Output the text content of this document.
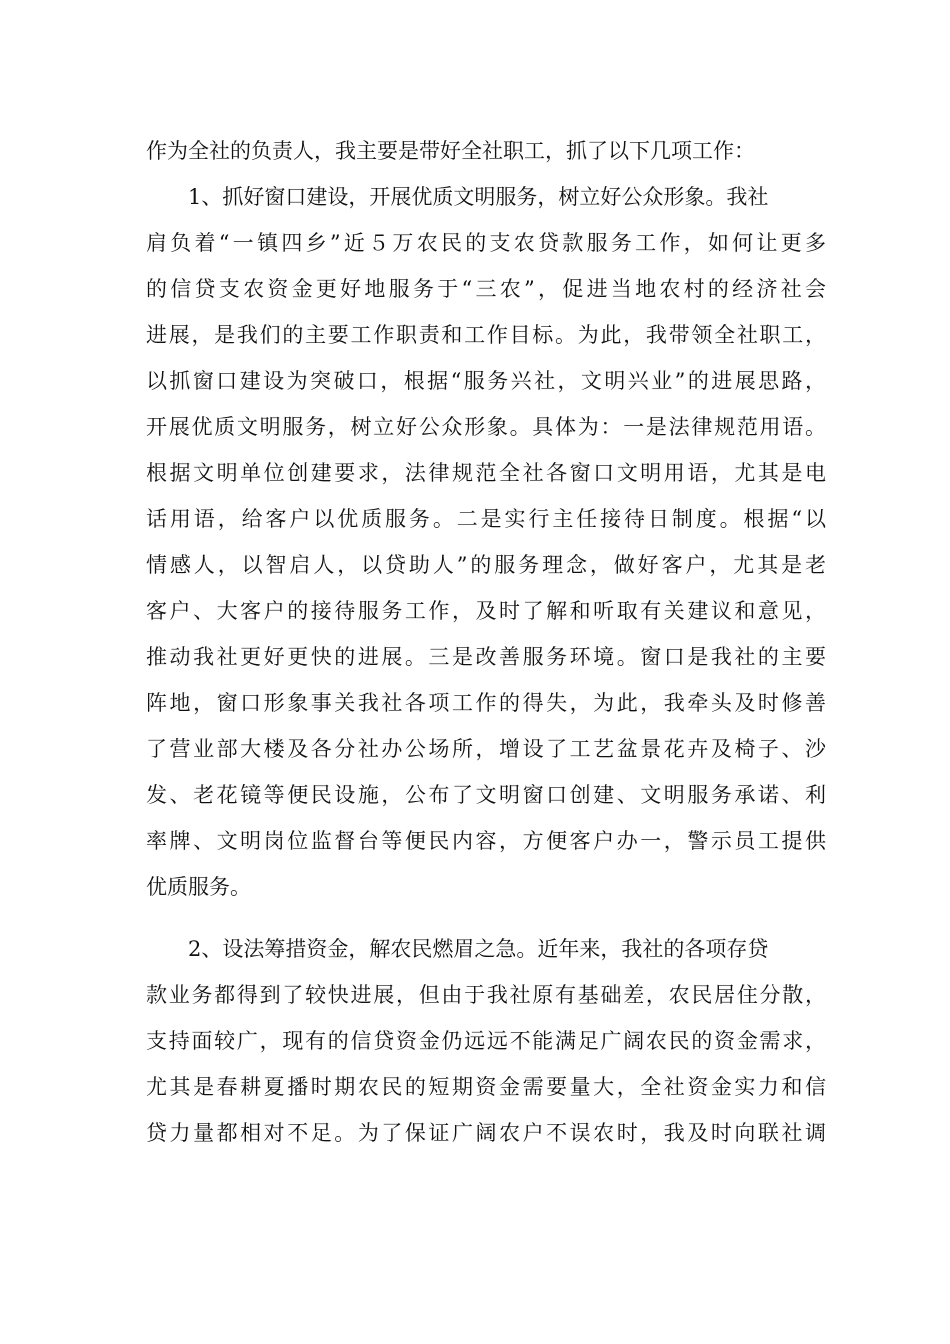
作为全社的负责人，我主要是带好全社职工，抓了以下几项工作：
1、抓好窗口建设，开展优质文明服务，树立好公众形象。我社
肩负着“一镇四乡”近５万农民的支农贷款服务工作，如何让更多
的信贷支农资金更好地服务于“三农”，促进当地农村的经济社会
进展，是我们的主要工作职责和工作目标。为此，我带领全社职工，
以抓窗口建设为突破口，根据“服务兴社，文明兴业”的进展思路，
开展优质文明服务，树立好公众形象。具体为：一是法律规范用语。
根据文明单位创建要求，法律规范全社各窗口文明用语，尤其是电
话用语，给客户以优质服务。二是实行主任接待日制度。根据“以
情感人，以智启人，以贷助人”的服务理念，做好客户，尤其是老
客户、大客户的接待服务工作，及时了解和听取有关建议和意见，
推动我社更好更快的进展。三是改善服务环境。窗口是我社的主要
阵地，窗口形象事关我社各项工作的得失，为此，我牵头及时修善
了营业部大楼及各分社办公场所，增设了工艺盆景花卉及椅子、沙
发、老花镜等便民设施，公布了文明窗口创建、文明服务承诺、利
率牌、文明岗位监督台等便民内容，方便客户办一，警示员工提供
优质服务。
2、设法筹措资金，解农民燃眉之急。近年来，我社的各项存贷
款业务都得到了较快进展，但由于我社原有基础差，农民居住分散，
支持面较广，现有的信贷资金仍远远不能满足广阔农民的资金需求，
尤其是春耕夏播时期农民的短期资金需要量大，全社资金实力和信
贷力量都相对不足。为了保证广阔农户不误农时，我及时向联社调
